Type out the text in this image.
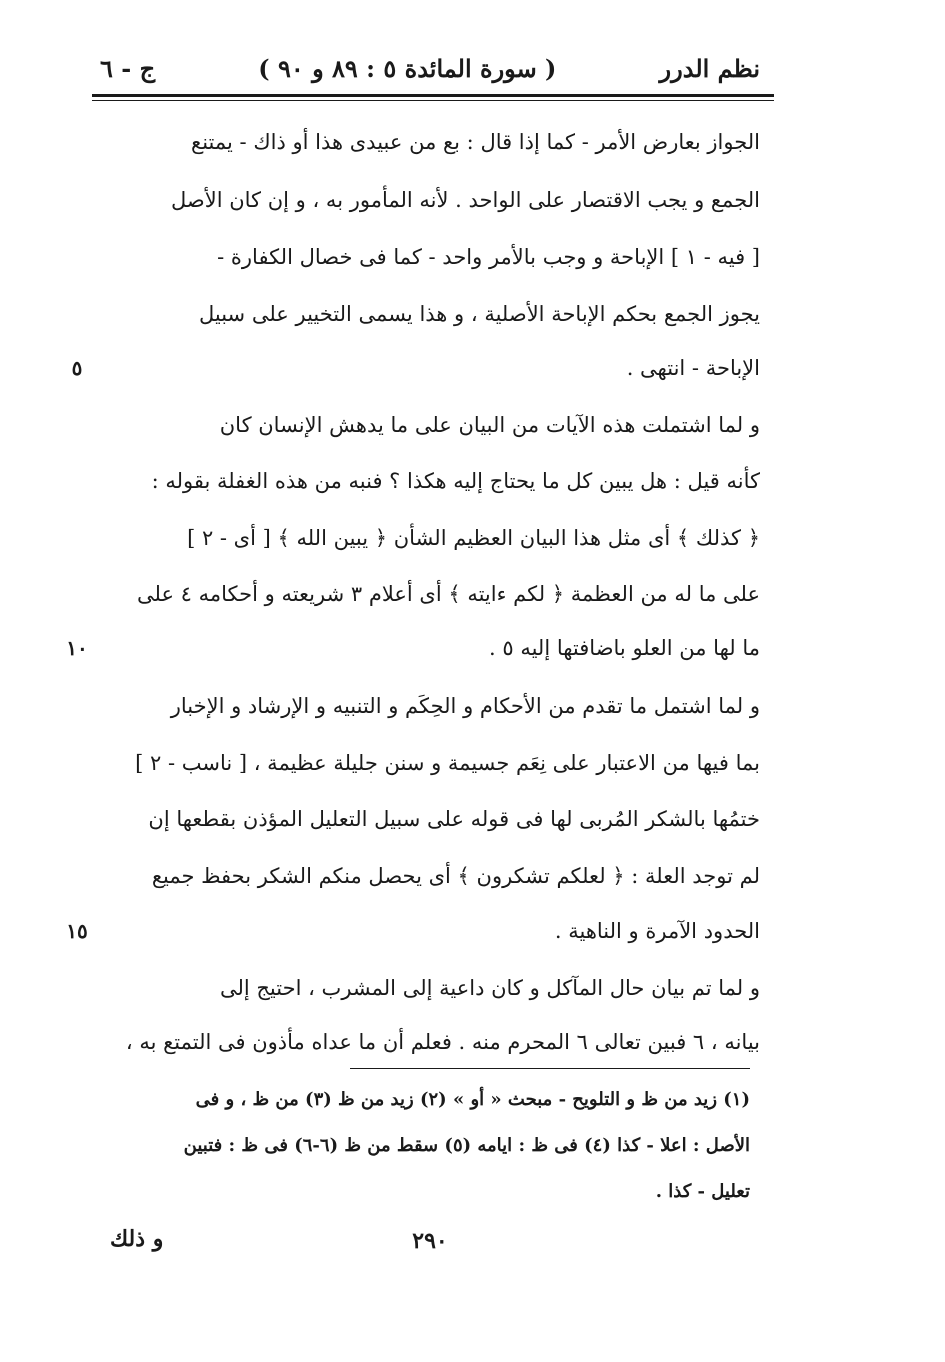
نظم الدرر
( سورة المائدة ٥ : ٨٩ و ٩٠ )
ج - ٦
الجواز بعارض الأمر - كما إذا قال : بع من عبيدى هذا أو ذاك - يمتنع
الجمع و يجب الاقتصار على الواحد . لأنه المأمور به ، و إن كان الأصل
[ فيه - ١ ] الإباحة و وجب بالأمر واحد - كما فى خصال الكفارة -
يجوز الجمع بحكم الإباحة الأصلية ، و هذا يسمى التخيير على سبيل
الإباحة - انتهى .
٥
و لما اشتملت هذه الآيات من البيان على ما يدهش الإنسان كان
كأنه قيل : هل يبين كل ما يحتاج إليه هكذا ؟ فنبه من هذه الغفلة بقوله :
﴿ كذلك ﴾ أى مثل هذا البيان العظيم الشأن ﴿ يبين الله ﴾ [ أى - ٢ ]
على ما له من العظمة ﴿ لكم ءايته ﴾ أى أعلام ٣ شريعته و أحكامه ٤ على
ما لها من العلو باضافتها إليه ٥ .
١٠
و لما اشتمل ما تقدم من الأحكام و الحِكَم و التنبيه و الإرشاد و الإخبار
بما فيها من الاعتبار على نِعَم جسيمة و سنن جليلة عظيمة ، [ ناسب - ٢ ]
ختمُها بالشكر المُربى لها فى قوله على سبيل التعليل المؤذن بقطعها إن
لم توجد العلة : ﴿ لعلكم تشكرون ﴾ أى يحصل منكم الشكر بحفظ جميع
الحدود الآمرة و الناهية .
١٥
و لما تم بيان حال المآكل و كان داعية إلى المشرب ، احتيج إلى
بيانه ، ٦ فبين تعالى ٦ المحرم منه . فعلم أن ما عداه مأذون فى التمتع به ،
(١) زيد من ظ و التلويح - مبحث « أو » (٢) زيد من ظ (٣) من ظ ، و فى
الأصل : اعلا - كذا (٤) فى ظ : ايامه (٥) سقط من ظ (٦-٦) فى ظ : فتبين
تعليل - كذا .
٢٩٠
و ذلك
